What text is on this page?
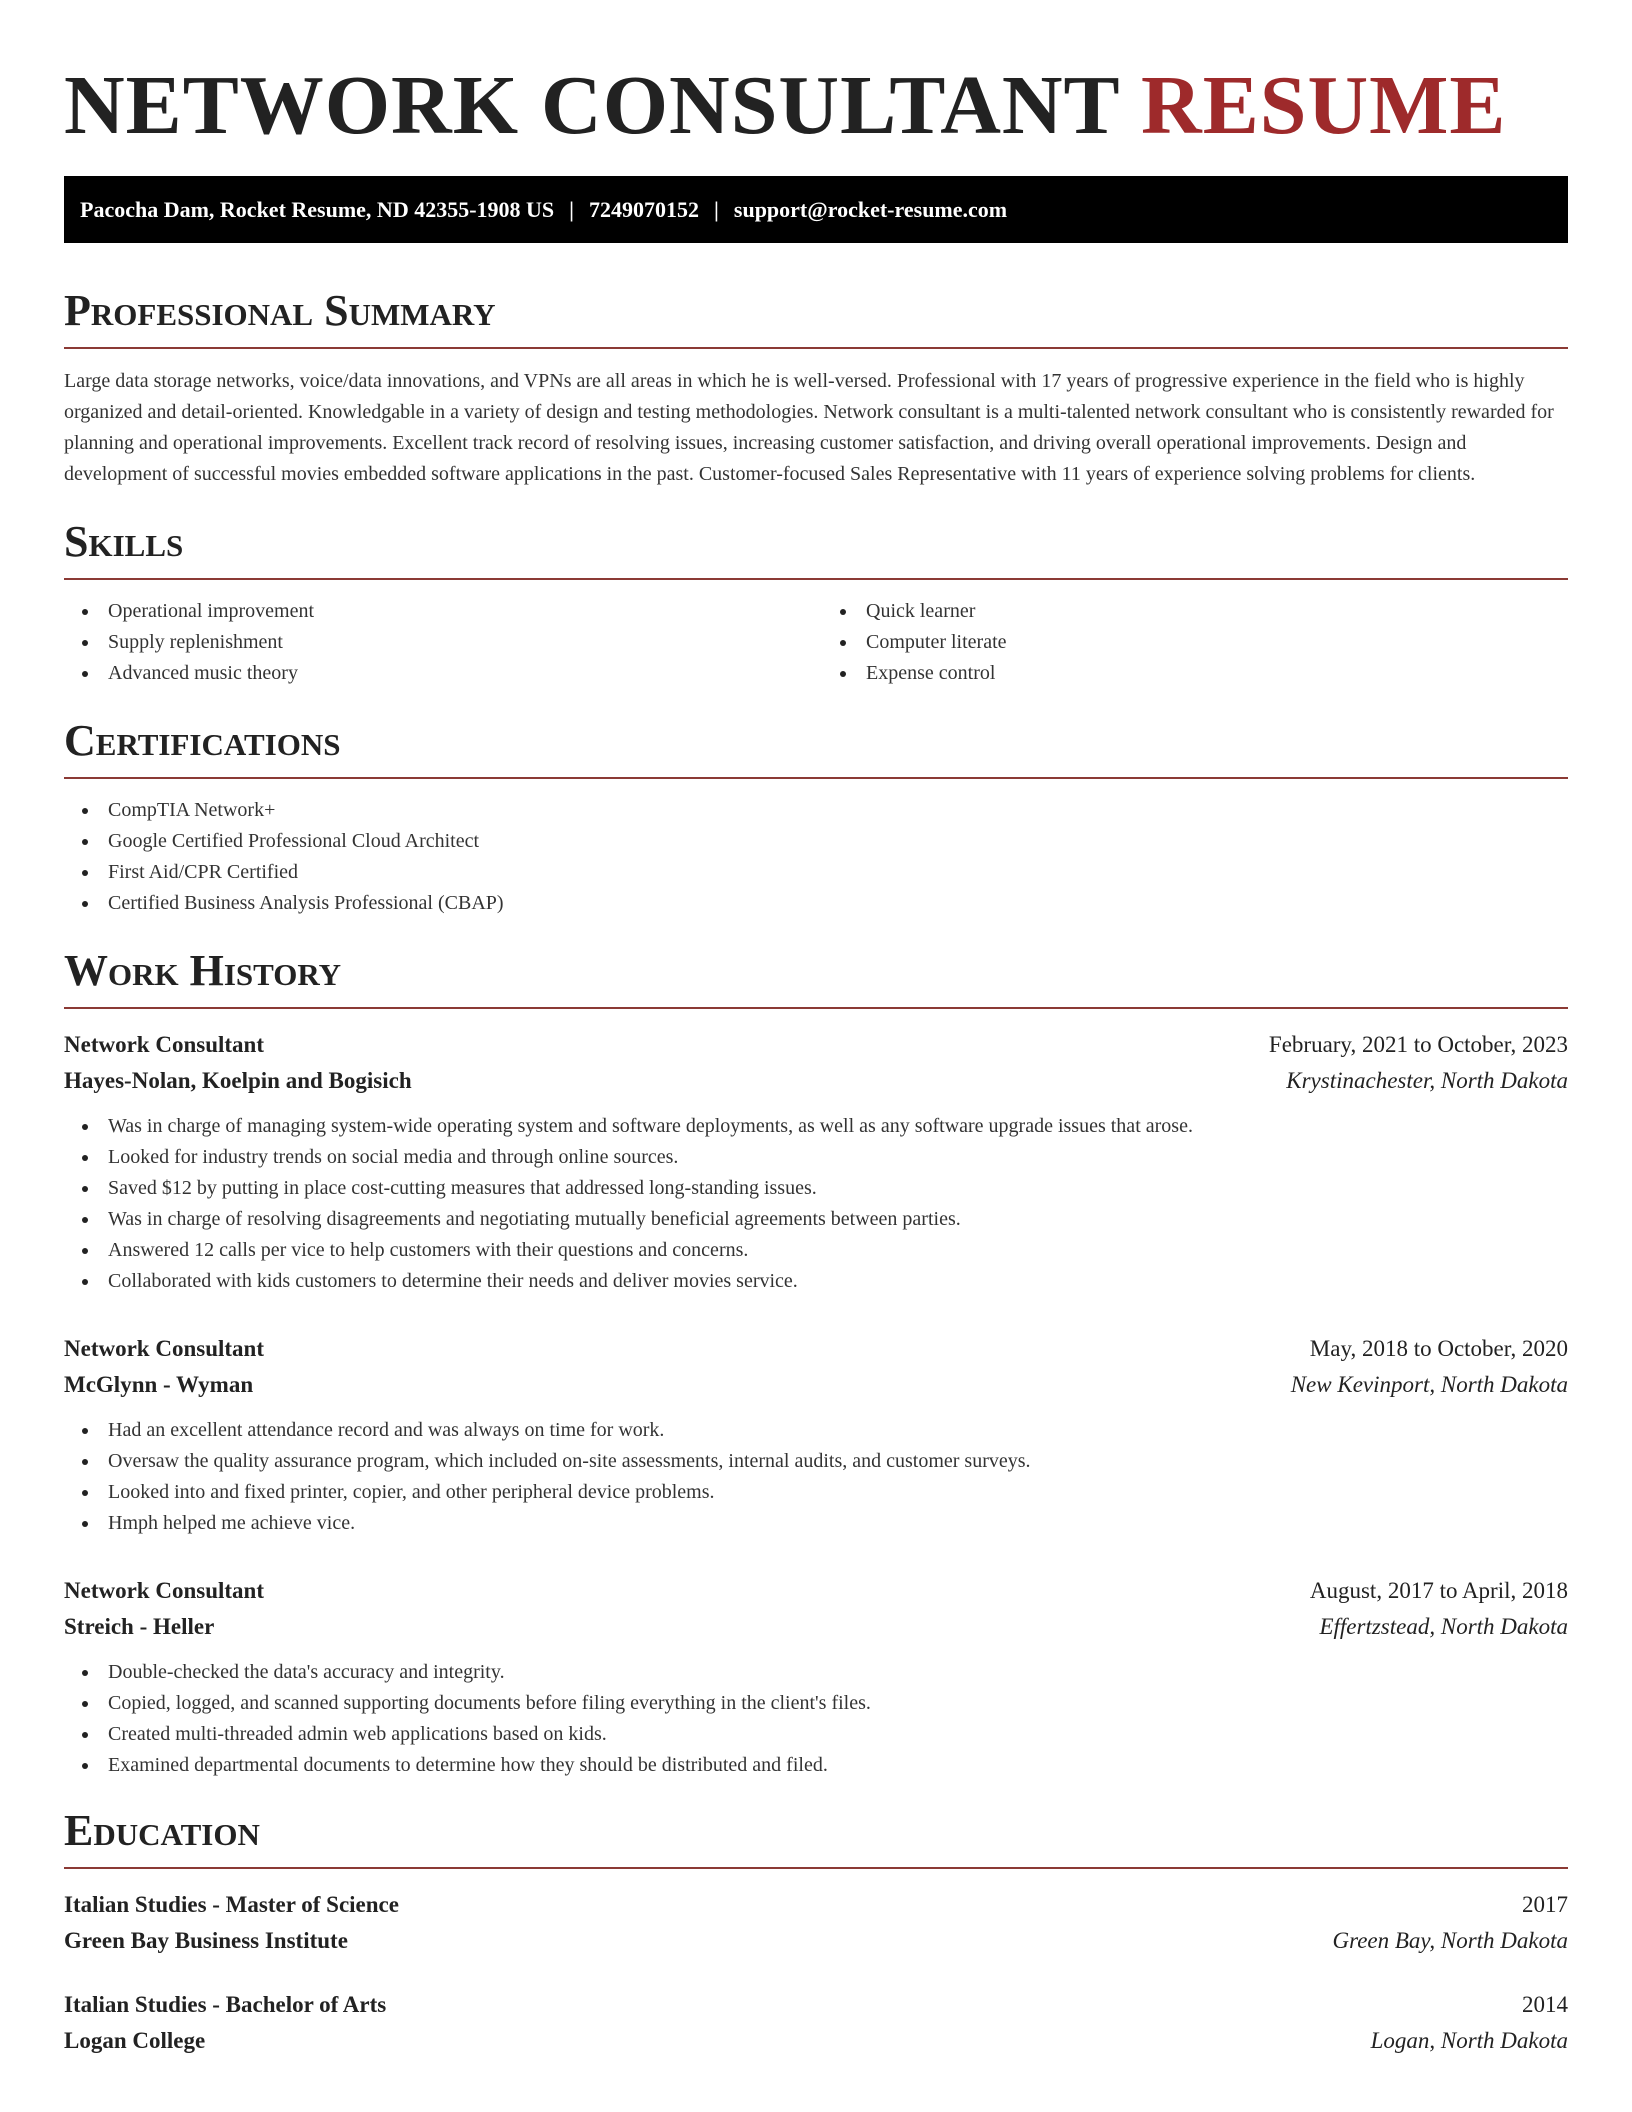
NETWORK CONSULTANT RESUME
Pacocha Dam, Rocket Resume, ND 42355-1908 US | 7249070152 | support@rocket-resume.com
Professional Summary

Large data storage networks, voice/data innovations, and VPNs are all areas in which he is well-versed. Professional with 17 years of progressive experience in the field who is highly organized and detail-oriented. Knowledgable in a variety of design and testing methodologies. Network consultant is a multi-talented network consultant who is consistently rewarded for planning and operational improvements. Excellent track record of resolving issues, increasing customer satisfaction, and driving overall operational improvements. Design and development of successful movies embedded software applications in the past. Customer-focused Sales Representative with 11 years of experience solving problems for clients.

Skills
Operational improvement
Supply replenishment
Advanced music theory
Quick learner
Computer literate
Expense control
Certifications
CompTIA Network+
Google Certified Professional Cloud Architect
First Aid/CPR Certified
Certified Business Analysis Professional (CBAP)
Work History
Network Consultant	February, 2021 to October, 2023
Hayes-Nolan, Koelpin and Bogisich	Krystinachester, North Dakota
Was in charge of managing system-wide operating system and software deployments, as well as any software upgrade issues that arose.
Looked for industry trends on social media and through online sources.
Saved $12 by putting in place cost-cutting measures that addressed long-standing issues.
Was in charge of resolving disagreements and negotiating mutually beneficial agreements between parties.
Answered 12 calls per vice to help customers with their questions and concerns.
Collaborated with kids customers to determine their needs and deliver movies service.
Network Consultant	May, 2018 to October, 2020
McGlynn - Wyman	New Kevinport, North Dakota
Had an excellent attendance record and was always on time for work.
Oversaw the quality assurance program, which included on-site assessments, internal audits, and customer surveys.
Looked into and fixed printer, copier, and other peripheral device problems.
Hmph helped me achieve vice.
Network Consultant	August, 2017 to April, 2018
Streich - Heller	Effertzstead, North Dakota
Double-checked the data's accuracy and integrity.
Copied, logged, and scanned supporting documents before filing everything in the client's files.
Created multi-threaded admin web applications based on kids.
Examined departmental documents to determine how they should be distributed and filed.
Education
Italian Studies - Master of Science	2017
Green Bay Business Institute	Green Bay, North Dakota
Italian Studies - Bachelor of Arts	2014
Logan College	Logan, North Dakota
